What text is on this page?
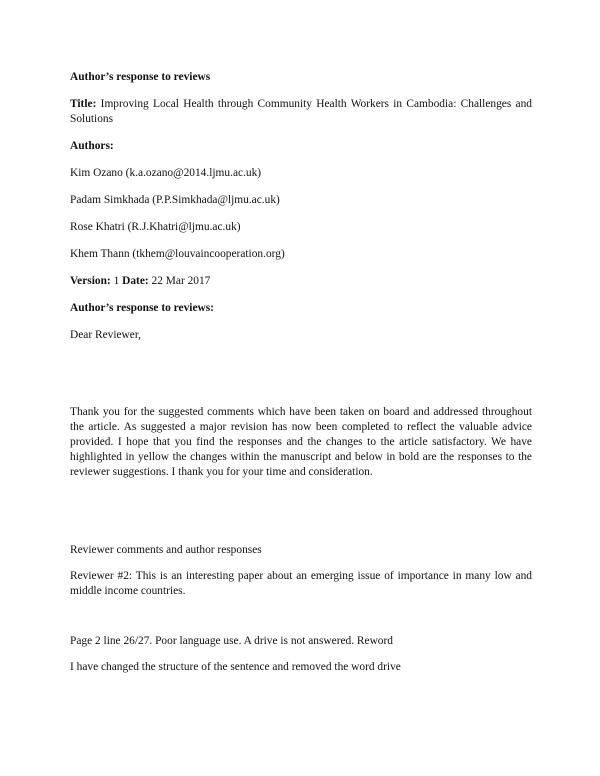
Author’s response to reviews
Title: Improving Local Health through Community Health Workers in Cambodia: Challenges and Solutions
Authors:
Kim Ozano (k.a.ozano@2014.ljmu.ac.uk)
Padam Simkhada (P.P.Simkhada@ljmu.ac.uk)
Rose Khatri (R.J.Khatri@ljmu.ac.uk)
Khem Thann (tkhem@louvaincooperation.org)
Version: 1 Date: 22 Mar 2017
Author’s response to reviews:
Dear Reviewer,
Thank you for the suggested comments which have been taken on board and addressed throughout the article. As suggested a major revision has now been completed to reflect the valuable advice provided. I hope that you find the responses and the changes to the article satisfactory. We have highlighted in yellow the changes within the manuscript and below in bold are the responses to the reviewer suggestions. I thank you for your time and consideration.
Reviewer comments and author responses
Reviewer #2: This is an interesting paper about an emerging issue of importance in many low and middle income countries.
Page 2 line 26/27. Poor language use. A drive is not answered. Reword
I have changed the structure of the sentence and removed the word drive
